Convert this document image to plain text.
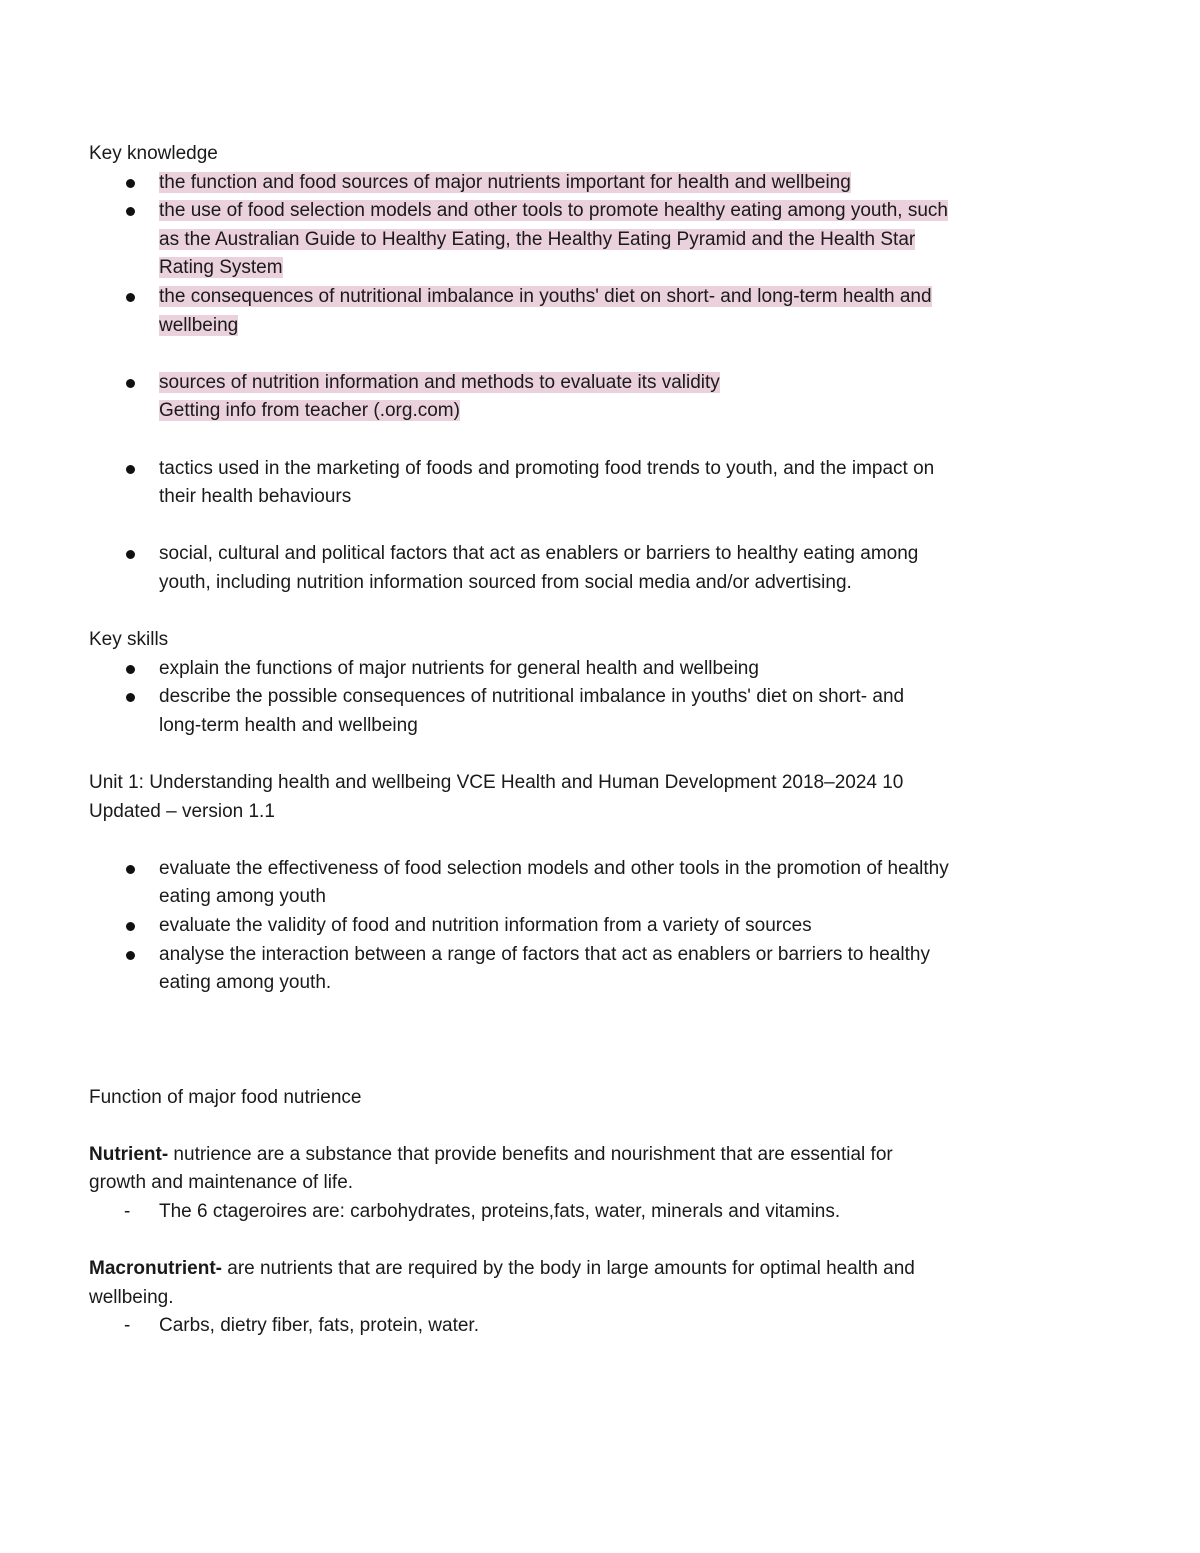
Key knowledge
the function and food sources of major nutrients important for health and wellbeing
the use of food selection models and other tools to promote healthy eating among youth, such
as the Australian Guide to Healthy Eating, the Healthy Eating Pyramid and the Health Star
Rating System
the consequences of nutritional imbalance in youths' diet on short- and long-term health and
wellbeing
sources of nutrition information and methods to evaluate its validity
Getting info from teacher (.org.com)
tactics used in the marketing of foods and promoting food trends to youth, and the impact on
their health behaviours
social, cultural and political factors that act as enablers or barriers to healthy eating among
youth, including nutrition information sourced from social media and/or advertising.
Key skills
explain the functions of major nutrients for general health and wellbeing
describe the possible consequences of nutritional imbalance in youths' diet on short- and
long-term health and wellbeing
Unit 1: Understanding health and wellbeing VCE Health and Human Development 2018–2024 10
Updated – version 1.1
evaluate the effectiveness of food selection models and other tools in the promotion of healthy
eating among youth
evaluate the validity of food and nutrition information from a variety of sources
analyse the interaction between a range of factors that act as enablers or barriers to healthy
eating among youth.
Function of major food nutrience
Nutrient- nutrience are a substance that provide benefits and nourishment that are essential for
growth and maintenance of life.
- The 6 ctageroires are: carbohydrates, proteins,fats, water, minerals and vitamins.
Macronutrient- are nutrients that are required by the body in large amounts for optimal health and
wellbeing.
- Carbs, dietry fiber, fats, protein, water.
